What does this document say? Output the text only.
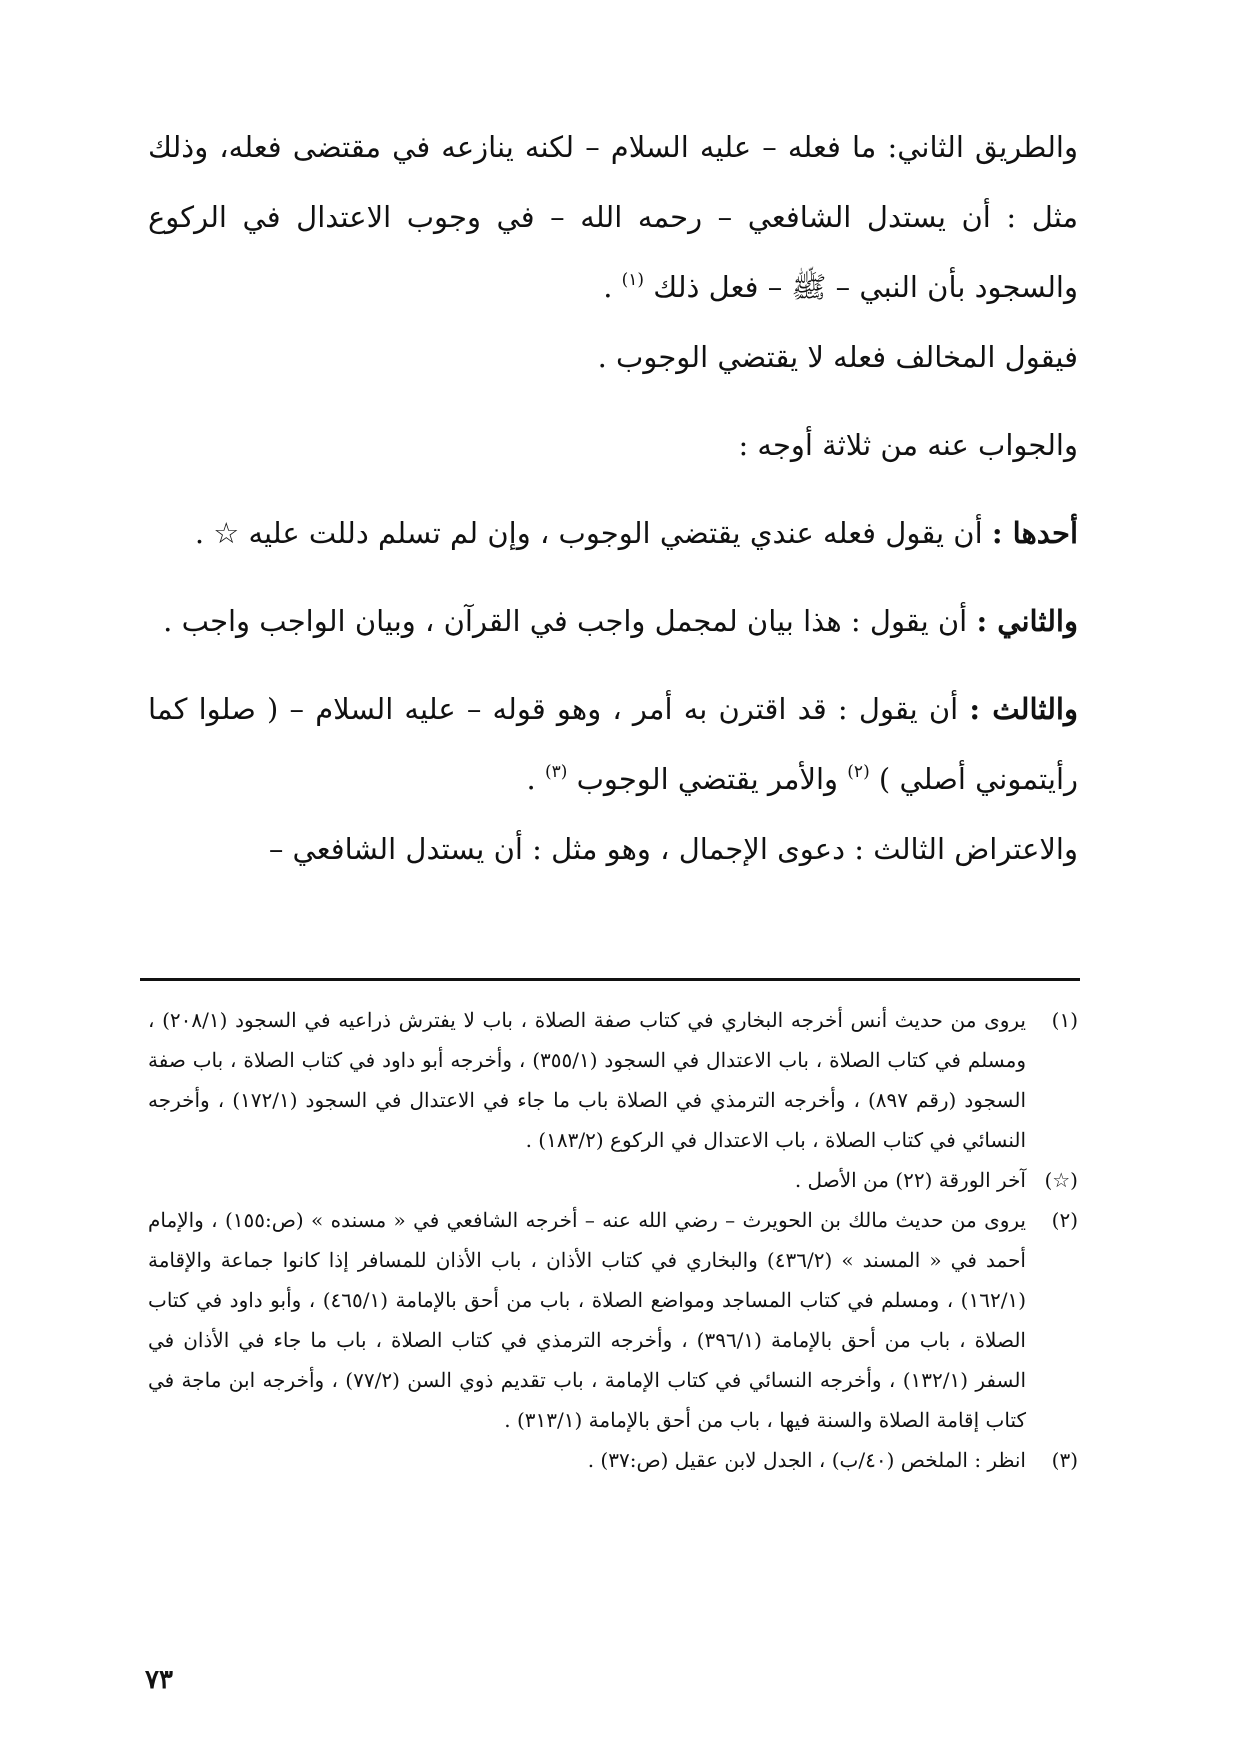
والطريق الثاني: ما فعله – عليه السلام – لكنه ينازعه في مقتضى فعله، وذلك مثل : أن يستدل الشافعي – رحمه الله – في وجوب الاعتدال في الركوع والسجود بأن النبي – ﷺ – فعل ذلك $^{(١)}$ .

فيقول المخالف فعله لا يقتضي الوجوب .

والجواب عنه من ثلاثة أوجه :

أحدها : أن يقول فعله عندي يقتضي الوجوب ، وإن لم تسلم دللت عليه ☆ .

والثاني : أن يقول : هذا بيان لمجمل واجب في القرآن ، وبيان الواجب واجب .

والثالث : أن يقول : قد اقترن به أمر ، وهو قوله – عليه السلام – ( صلوا كما رأيتموني أصلي ) $^{(٢)}$ والأمر يقتضي الوجوب $^{(٣)}$ .

والاعتراض الثالث : دعوى الإجمال ، وهو مثل : أن يستدل الشافعي –

(١)
يروى من حديث أنس أخرجه البخاري في كتاب صفة الصلاة ، باب لا يفترش ذراعيه في السجود (٢٠٨/١) ، ومسلم في كتاب الصلاة ، باب الاعتدال في السجود (٣٥٥/١) ، وأخرجه أبو داود في كتاب الصلاة ، باب صفة السجود (رقم ٨٩٧) ، وأخرجه الترمذي في الصلاة باب ما جاء في الاعتدال في السجود (١٧٢/١) ، وأخرجه النسائي في كتاب الصلاة ، باب الاعتدال في الركوع (١٨٣/٢) .
(☆)
آخر الورقة (٢٢) من الأصل .
(٢)
يروى من حديث مالك بن الحويرث – رضي الله عنه – أخرجه الشافعي في « مسنده » (ص:١٥٥) ، والإمام أحمد في « المسند » (٤٣٦/٢) والبخاري في كتاب الأذان ، باب الأذان للمسافر إذا كانوا جماعة والإقامة (١٦٢/١) ، ومسلم في كتاب المساجد ومواضع الصلاة ، باب من أحق بالإمامة (٤٦٥/١) ، وأبو داود في كتاب الصلاة ، باب من أحق بالإمامة (٣٩٦/١) ، وأخرجه الترمذي في كتاب الصلاة ، باب ما جاء في الأذان في السفر (١٣٢/١) ، وأخرجه النسائي في كتاب الإمامة ، باب تقديم ذوي السن (٧٧/٢) ، وأخرجه ابن ماجة في كتاب إقامة الصلاة والسنة فيها ، باب من أحق بالإمامة (٣١٣/١) .
(٣)
انظر : الملخص (٤٠/ب) ، الجدل لابن عقيل (ص:٣٧) .
٧٣
